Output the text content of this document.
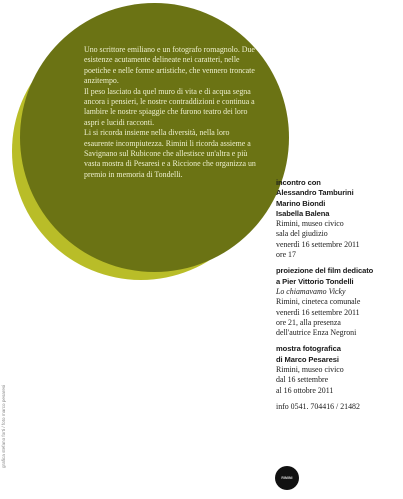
Uno scrittore emiliano e un fotografo romagnolo. Due esistenze acutamente delineate nei caratteri, nelle poetiche e nelle forme artistiche, che vennero troncate anzitempo.

Il peso lasciato da quel muro di vita e di acqua segna ancora i pensieri, le nostre contraddizioni e continua a lambire le nostre spiaggie che furono teatro dei loro aspri e lucidi racconti.

Li si ricorda insieme nella diversità, nella loro esaurente incompiutezza. Rimini li ricorda assieme a Savignano sul Rubicone che allestisce un'altra e più vasta mostra di Pesaresi e a Riccione che organizza un premio in memoria di Tondelli.

incontro con
Alessandro Tamburini
Marino Biondi
Isabella Balena
Rimini, museo civico
sala del giudizio
venerdì 16 settembre 2011
ore 17
proiezione del film dedicato
a Pier Vittorio Tondelli
Lo chiamavamo Vicky
Rimini, cineteca comunale
venerdì 16 settembre 2011
ore 21, alla presenza
dell'autrice Enza Negroni
mostra fotografica
di Marco Pesaresi
Rimini, museo civico
dal 16 settembre
al 16 ottobre 2011
info 0541. 704416 / 21482
grafica stefano forti / foto marco pesaresi
RIMINI
